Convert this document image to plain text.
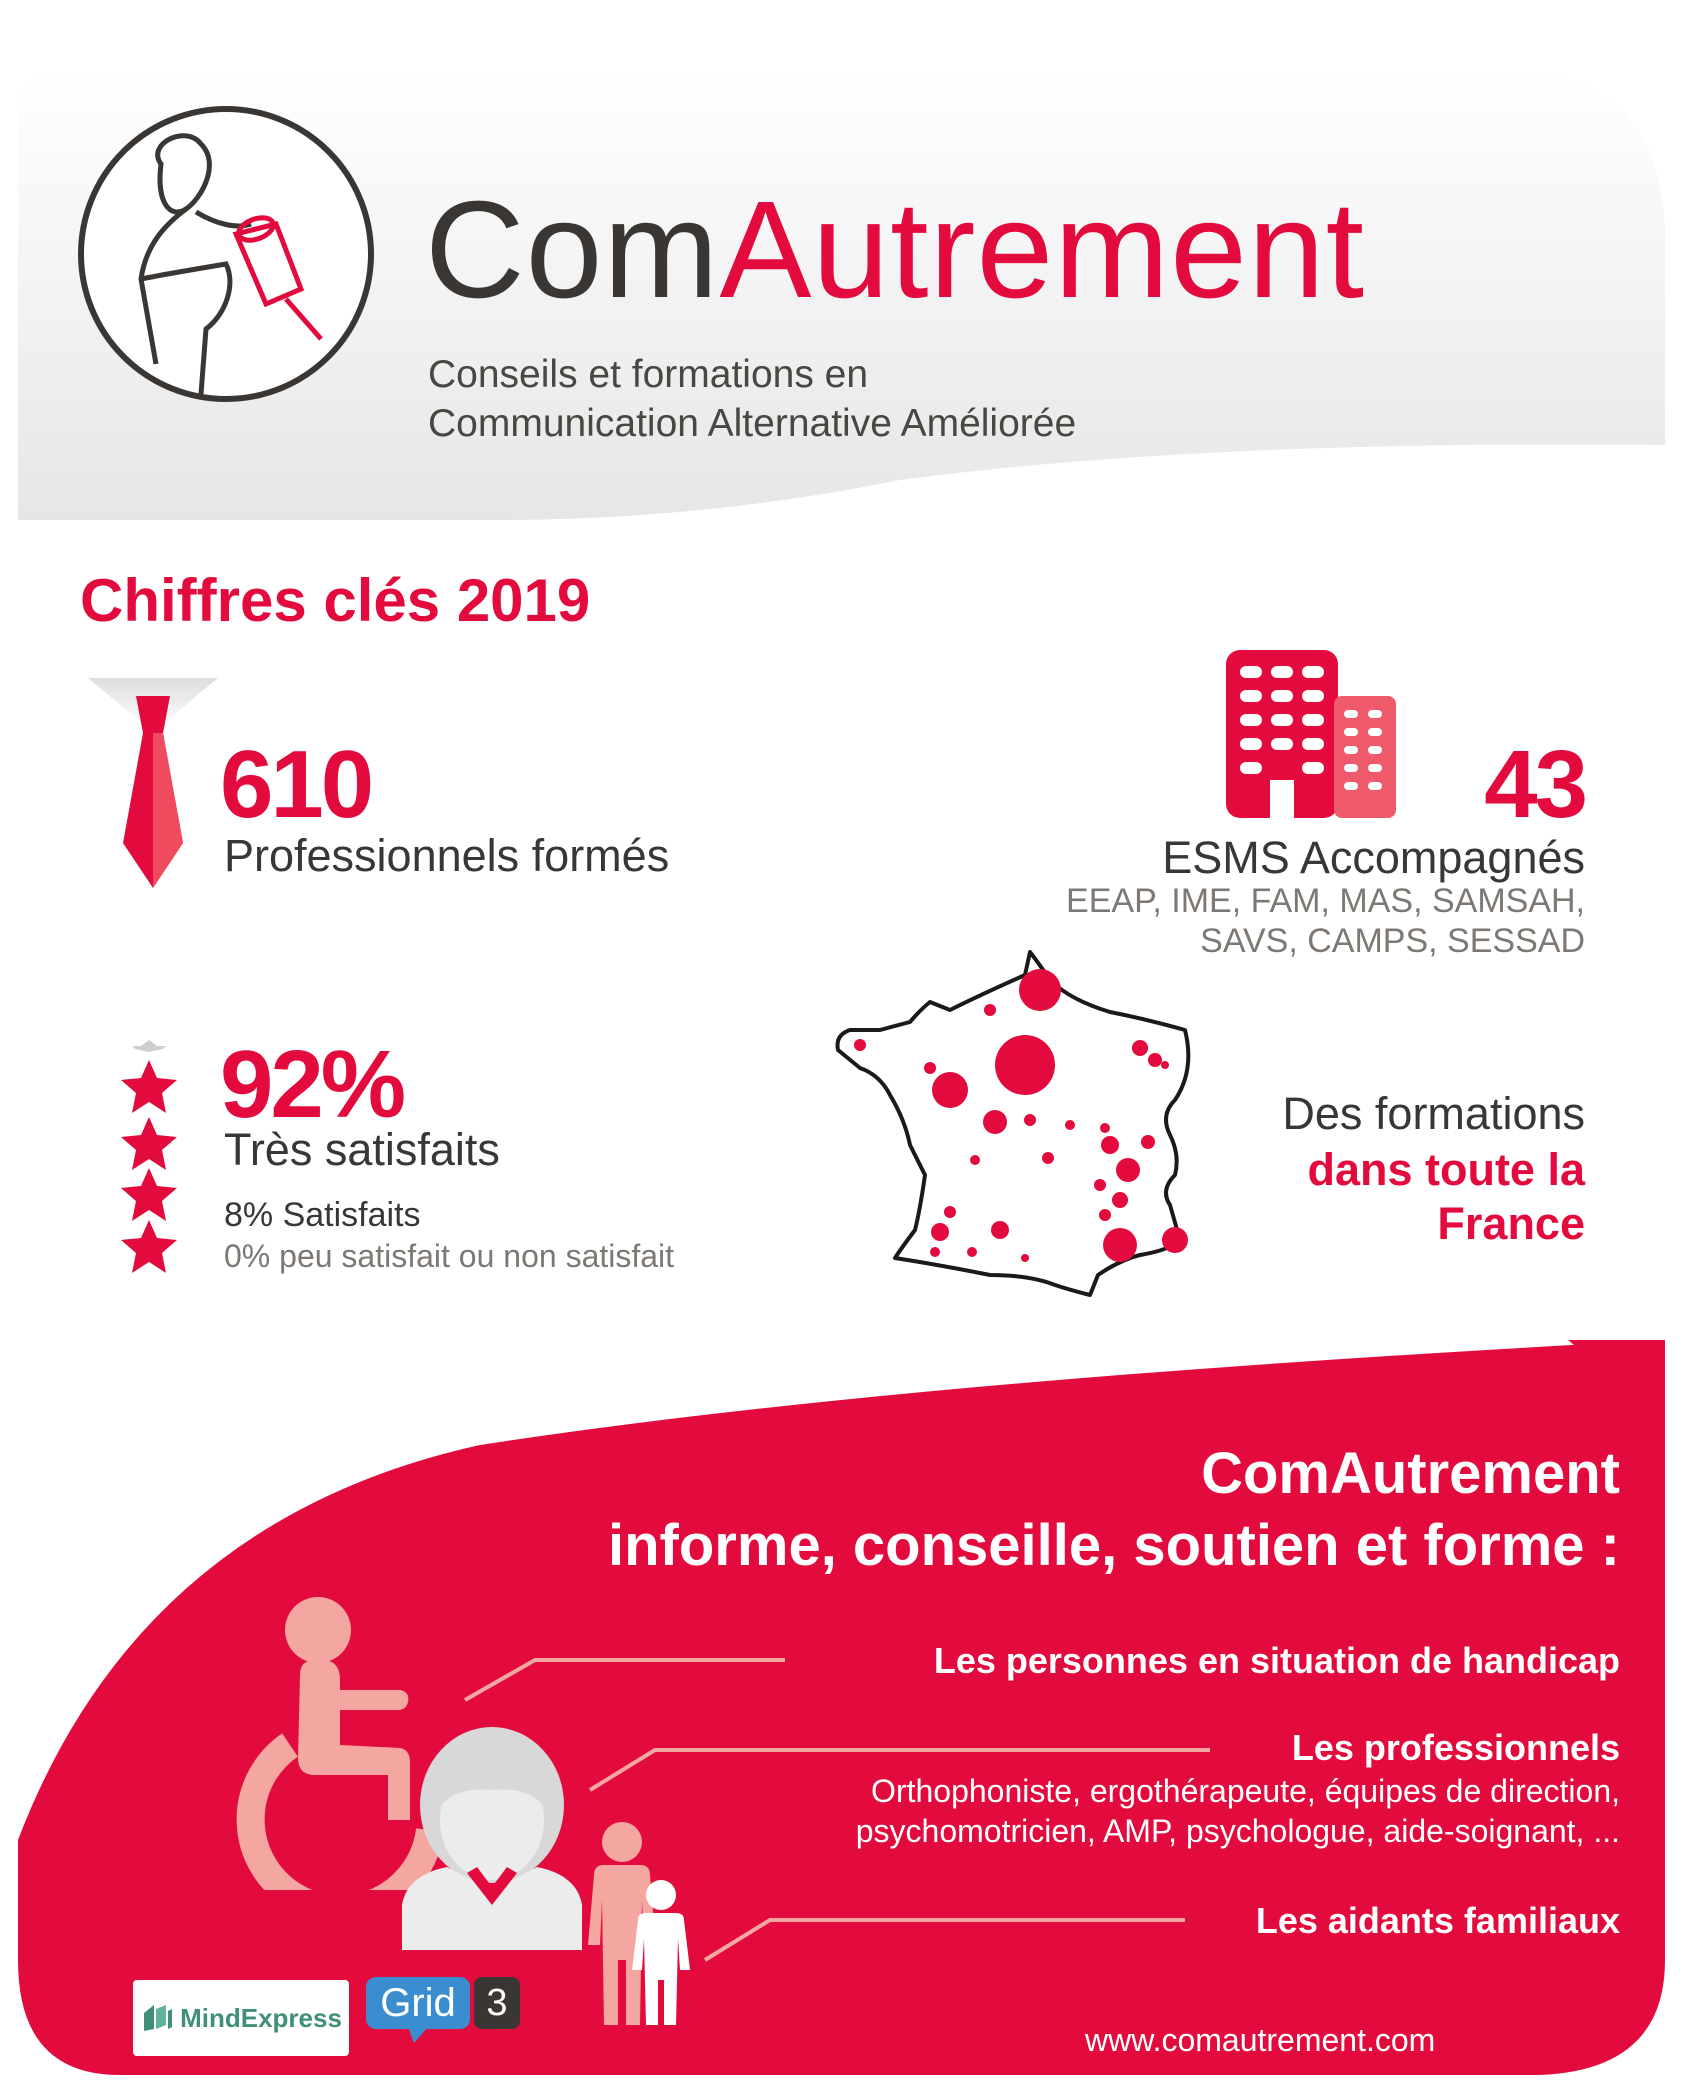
ComAutrement
Conseils et formations en
Communication Alternative Améliorée
Chiffres clés 2019
610
Professionnels formés
43
ESMS Accompagnés
EEAP, IME, FAM, MAS, SAMSAH,
SAVS, CAMPS, SESSAD
92%
Très satisfaits
8% Satisfaits
0% peu satisfait ou non satisfait
Des formations
dans toute la
France
ComAutrement
informe, conseille, soutien et forme :
Les personnes en situation de handicap
Les professionnels
Orthophoniste, ergothérapeute, équipes de direction,
psychomotricien, AMP, psychologue, aide-soignant, ...
Les aidants familiaux
MindExpress Grid 3
www.comautrement.com
